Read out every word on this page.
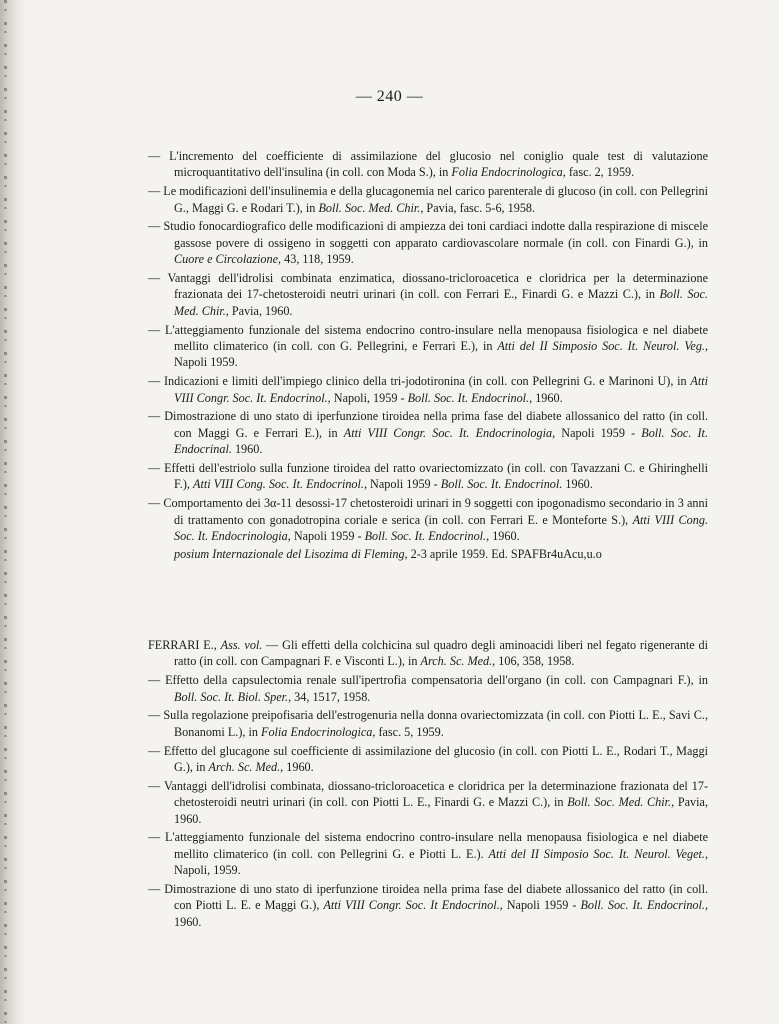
— 240 —

— L'incremento del coefficiente di assimilazione del glucosio nel coniglio quale test di valutazione microquantitativo dell'insulina (in coll. con Moda S.), in Folia Endocrinologica, fasc. 2, 1959.

— Le modificazioni dell'insulinemia e della glucagonemia nel carico parenterale di glucoso (in coll. con Pellegrini G., Maggi G. e Rodari T.), in Boll. Soc. Med. Chir., Pavia, fasc. 5-6, 1958.

— Studio fonocardiografico delle modificazioni di ampiezza dei toni cardiaci indotte dalla respirazione di miscele gassose povere di ossigeno in soggetti con apparato cardiovascolare normale (in coll. con Finardi G.), in Cuore e Circolazione, 43, 118, 1959.

— Vantaggi dell'idrolisi combinata enzimatica, diossano-tricloroacetica e cloridrica per la determinazione frazionata dei 17-chetosteroidi neutri urinari (in coll. con Ferrari E., Finardi G. e Mazzi C.), in Boll. Soc. Med. Chir., Pavia, 1960.

— L'atteggiamento funzionale del sistema endocrino contro-insulare nella menopausa fisiologica e nel diabete mellito climaterico (in coll. con G. Pellegrini, e Ferrari E.), in Atti del II Simposio Soc. It. Neurol. Veg., Napoli 1959.

— Indicazioni e limiti dell'impiego clinico della tri-jodotironina (in coll. con Pellegrini G. e Marinoni U), in Atti VIII Congr. Soc. It. Endocrinol., Napoli, 1959 - Boll. Soc. It. Endocrinol., 1960.

— Dimostrazione di uno stato di iperfunzione tiroidea nella prima fase del diabete allossanico del ratto (in coll. con Maggi G. e Ferrari E.), in Atti VIII Congr. Soc. It. Endocrinologia, Napoli 1959 - Boll. Soc. It. Endocrinal. 1960.

— Effetti dell'estriolo sulla funzione tiroidea del ratto ovariectomizzato (in coll. con Tavazzani C. e Ghiringhelli F.), Atti VIII Cong. Soc. It. Endocrinol., Napoli 1959 - Boll. Soc. It. Endocrinol. 1960.

— Comportamento dei 3α-11 desossi-17 chetosteroidi urinari in 9 soggetti con ipogonadismo secondario in 3 anni di trattamento con gonadotropina coriale e serica (in coll. con Ferrari E. e Monteforte S.), Atti VIII Cong. Soc. It. Endocrinologia, Napoli 1959 - Boll. Soc. It. Endocrinol., 1960.

posium Internazionale del Lisozima di Fleming, 2-3 aprile 1959. Ed. SPAFBr4uAcu,u.o

FERRARI E., Ass. vol. — Gli effetti della colchicina sul quadro degli aminoacidi liberi nel fegato rigenerante di ratto (in coll. con Campagnari F. e Visconti L.), in Arch. Sc. Med., 106, 358, 1958.

— Effetto della capsulectomia renale sull'ipertrofia compensatoria dell'organo (in coll. con Campagnari F.), in Boll. Soc. It. Biol. Sper., 34, 1517, 1958.

— Sulla regolazione preipofisaria dell'estrogenuria nella donna ovariectomizzata (in coll. con Piotti L. E., Savi C., Bonanomi L.), in Folia Endocrinologica, fasc. 5, 1959.

— Effetto del glucagone sul coefficiente di assimilazione del glucosio (in coll. con Piotti L. E., Rodari T., Maggi G.), in Arch. Sc. Med., 1960.

— Vantaggi dell'idrolisi combinata, diossano-tricloroacetica e cloridrica per la determinazione frazionata del 17-chetosteroidi neutri urinari (in coll. con Piotti L. E., Finardi G. e Mazzi C.), in Boll. Soc. Med. Chir., Pavia, 1960.

— L'atteggiamento funzionale del sistema endocrino contro-insulare nella menopausa fisiologica e nel diabete mellito climaterico (in coll. con Pellegrini G. e Piotti L. E.). Atti del II Simposio Soc. It. Neurol. Veget., Napoli, 1959.

— Dimostrazione di uno stato di iperfunzione tiroidea nella prima fase del diabete allossanico del ratto (in coll. con Piotti L. E. e Maggi G.), Atti VIII Congr. Soc. It Endocrinol., Napoli 1959 - Boll. Soc. It. Endocrinol., 1960.
